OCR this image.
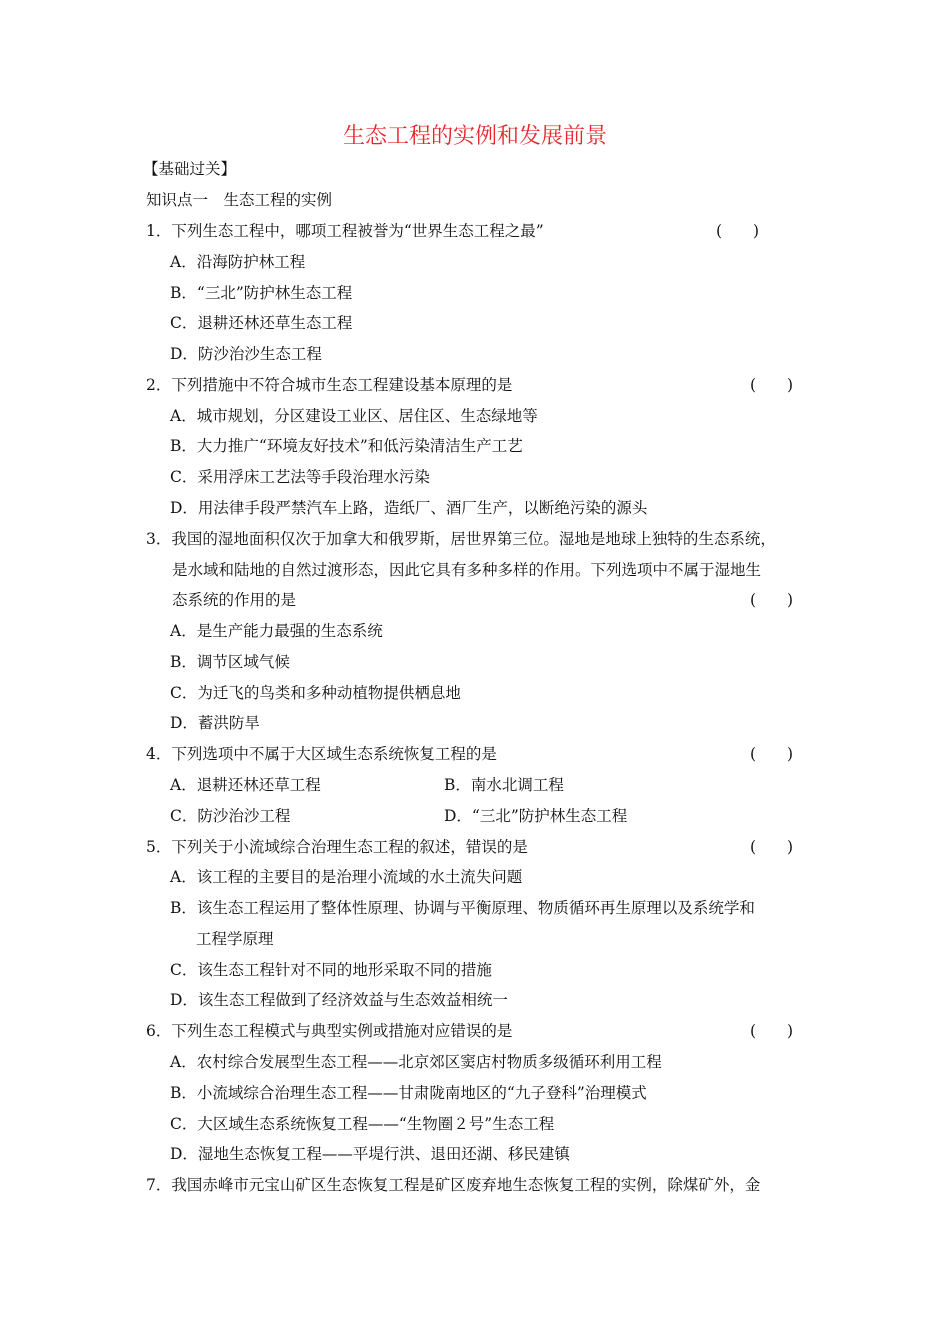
生态工程的实例和发展前景
【基础过关】
知识点一　生态工程的实例
1．下列生态工程中，哪项工程被誉为“世界生态工程之最”	(　　)
A．沿海防护林工程
B．“三北”防护林生态工程
C．退耕还林还草生态工程
D．防沙治沙生态工程
2．下列措施中不符合城市生态工程建设基本原理的是	(　　)
A．城市规划，分区建设工业区、居住区、生态绿地等
B．大力推广“环境友好技术”和低污染清洁生产工艺
C．采用浮床工艺法等手段治理水污染
D．用法律手段严禁汽车上路，造纸厂、酒厂生产，以断绝污染的源头
3．我国的湿地面积仅次于加拿大和俄罗斯，居世界第三位。湿地是地球上独特的生态系统，
是水域和陆地的自然过渡形态，因此它具有多种多样的作用。下列选项中不属于湿地生
态系统的作用的是	(　　)
A．是生产能力最强的生态系统
B．调节区域气候
C．为迁飞的鸟类和多种动植物提供栖息地
D．蓄洪防旱
4．下列选项中不属于大区域生态系统恢复工程的是	(　　)
A．退耕还林还草工程	B．南水北调工程
C．防沙治沙工程	D．“三北”防护林生态工程
5．下列关于小流域综合治理生态工程的叙述，错误的是	(　　)
A．该工程的主要目的是治理小流域的水土流失问题
B．该生态工程运用了整体性原理、协调与平衡原理、物质循环再生原理以及系统学和
工程学原理
C．该生态工程针对不同的地形采取不同的措施
D．该生态工程做到了经济效益与生态效益相统一
6．下列生态工程模式与典型实例或措施对应错误的是	(　　)
A．农村综合发展型生态工程——北京郊区窦店村物质多级循环利用工程
B．小流域综合治理生态工程——甘肃陇南地区的“九子登科”治理模式
C．大区域生态系统恢复工程——“生物圈２号”生态工程
D．湿地生态恢复工程——平堤行洪、退田还湖、移民建镇
7．我国赤峰市元宝山矿区生态恢复工程是矿区废弃地生态恢复工程的实例，除煤矿外，金
